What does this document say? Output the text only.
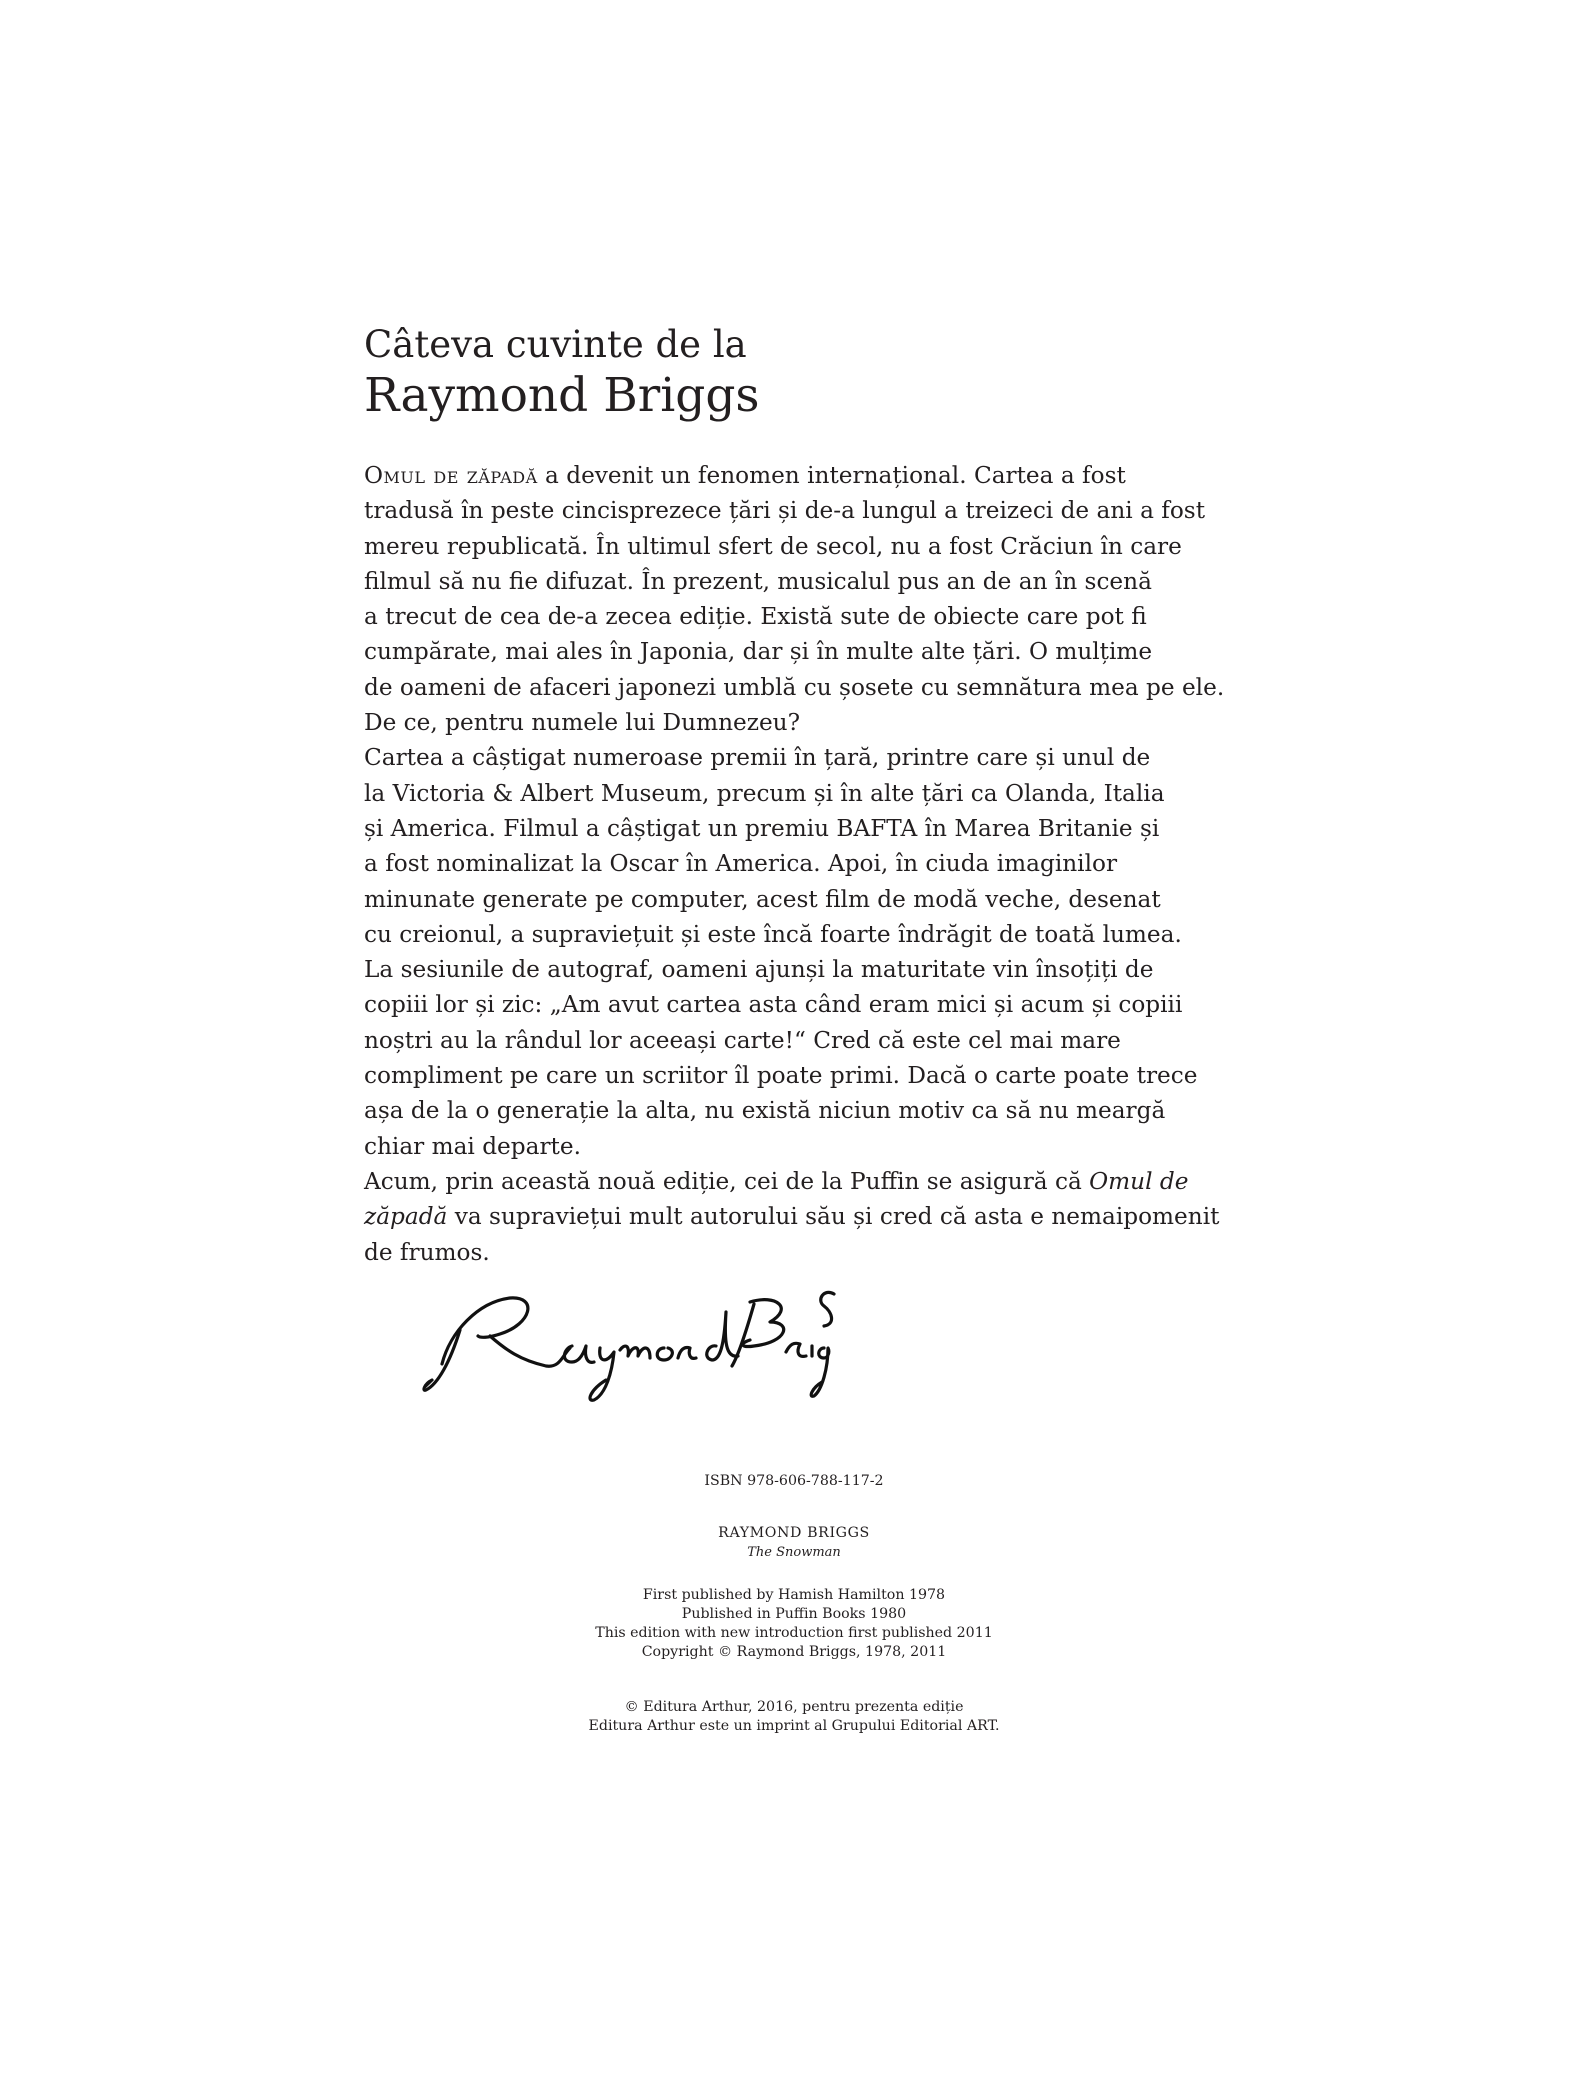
Câteva cuvinte de la
Raymond Briggs

Omul de zăpadă a devenit un fenomen internațional. Cartea a fost

tradusă în peste cincisprezece țări și de-a lungul a treizeci de ani a fost

mereu republicată. În ultimul sfert de secol, nu a fost Crăciun în care

filmul să nu fie difuzat. În prezent, musicalul pus an de an în scenă

a trecut de cea de-a zecea ediție. Există sute de obiecte care pot fi

cumpărate, mai ales în Japonia, dar și în multe alte țări. O mulțime

de oameni de afaceri japonezi umblă cu șosete cu semnătura mea pe ele.

De ce, pentru numele lui Dumnezeu?

Cartea a câștigat numeroase premii în țară, printre care și unul de

la Victoria & Albert Museum, precum și în alte țări ca Olanda, Italia

și America. Filmul a câștigat un premiu BAFTA în Marea Britanie și

a fost nominalizat la Oscar în America. Apoi, în ciuda imaginilor

minunate generate pe computer, acest film de modă veche, desenat

cu creionul, a supraviețuit și este încă foarte îndrăgit de toată lumea.

La sesiunile de autograf, oameni ajunși la maturitate vin însoțiți de

copiii lor și zic: „Am avut cartea asta când eram mici și acum și copiii

noștri au la rândul lor aceeași carte!“ Cred că este cel mai mare

compliment pe care un scriitor îl poate primi. Dacă o carte poate trece

așa de la o generație la alta, nu există niciun motiv ca să nu meargă

chiar mai departe.

Acum, prin această nouă ediție, cei de la Puffin se asigură că Omul de

zăpadă va supraviețui mult autorului său și cred că asta e nemaipomenit

de frumos.

ISBN 978-606-788-117-2
RAYMOND BRIGGS
The Snowman
First published by Hamish Hamilton 1978
Published in Puffin Books 1980
This edition with new introduction first published 2011
Copyright © Raymond Briggs, 1978, 2011
© Editura Arthur, 2016, pentru prezenta ediție
Editura Arthur este un imprint al Grupului Editorial ART.
